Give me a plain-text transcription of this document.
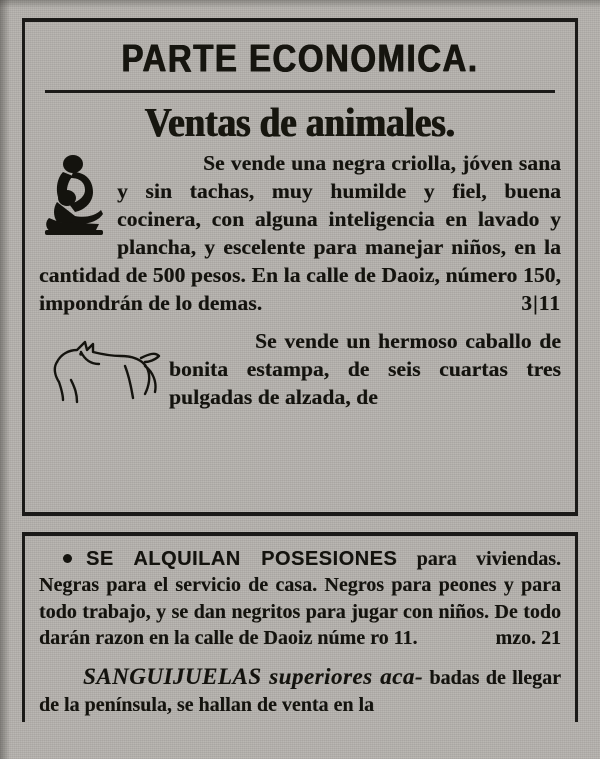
PARTE ECONOMICA.
Ventas de animales.
Se vende una negra criolla, jóven sana y sin tachas, muy humilde y fiel, buena cocinera, con alguna inteligencia en lavado y plancha, y escelente para manejar niños, en la cantidad de 500 pesos. En la calle de Daoiz, número 150, impondrán de lo demas.	3|11
Se vende un hermoso caballo de bonita estampa, de seis cuartas tres pulgadas de alzada, de
SE ALQUILAN POSESIONES para viviendas. Negras para el servicio de casa. Negros para peones y para todo trabajo, y se dan negritos para jugar con niños. De todo darán razon en la calle de Daoiz núme ro 11.	mzo. 21
SANGUIJUELAS superiores aca- badas de llegar de la península, se hallan de venta en la
